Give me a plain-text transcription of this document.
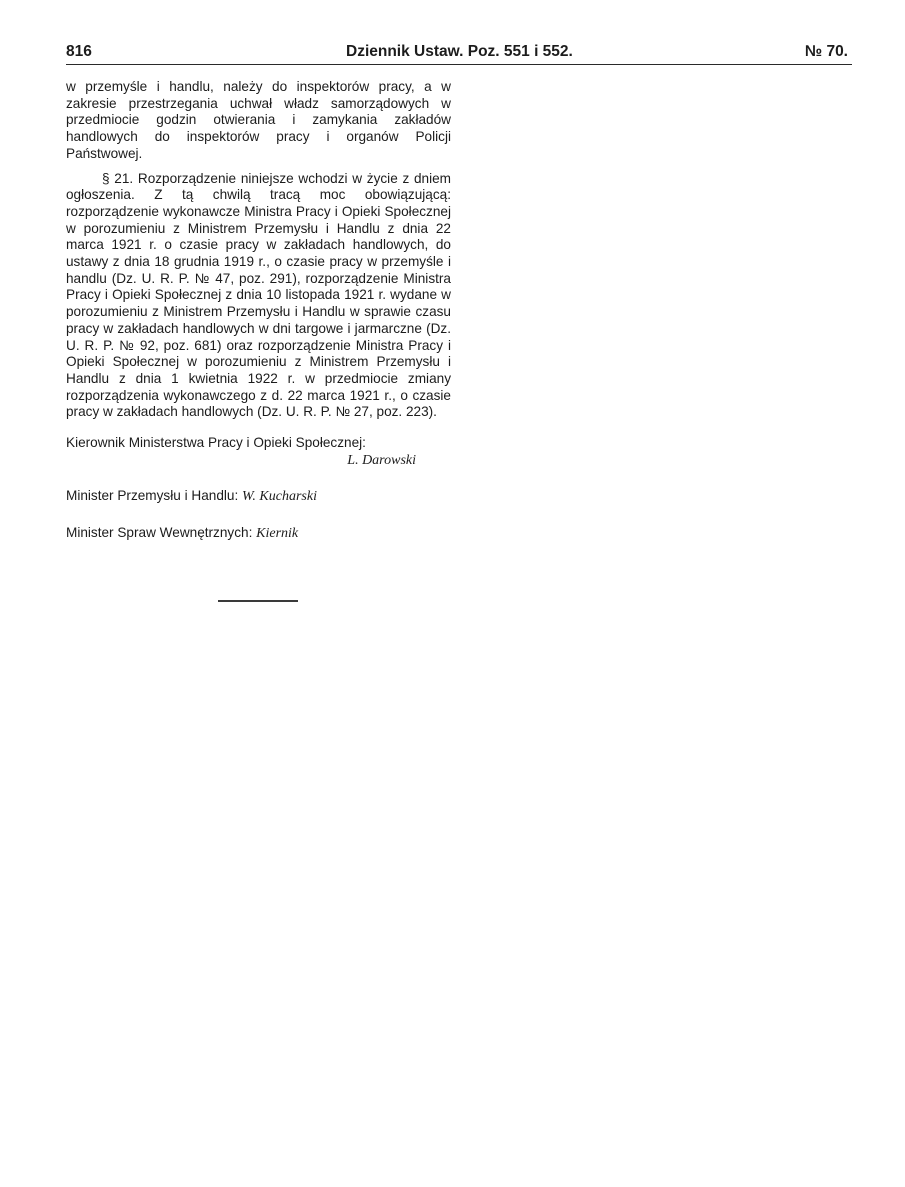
816	Dziennik Ustaw. Poz. 551 i 552.	№ 70.

w przemyśle i handlu, należy do inspektorów pracy, a w zakresie przestrzegania uchwał władz samorządowych w przedmiocie godzin otwierania i zamykania zakładów handlowych do inspektorów pracy i organów Policji Państwowej.

§ 21. Rozporządzenie niniejsze wchodzi w życie z dniem ogłoszenia. Z tą chwilą tracą moc obowiązującą: rozporządzenie wykonawcze Ministra Pracy i Opieki Społecznej w porozumieniu z Ministrem Przemysłu i Handlu z dnia 22 marca 1921 r. o czasie pracy w zakładach handlowych, do ustawy z dnia 18 grudnia 1919 r., o czasie pracy w przemyśle i handlu (Dz. U. R. P. № 47, poz. 291), rozporządzenie Ministra Pracy i Opieki Społecznej z dnia 10 listopada 1921 r. wydane w porozumieniu z Ministrem Przemysłu i Handlu w sprawie czasu pracy w zakładach handlowych w dni targowe i jarmarczne (Dz. U. R. P. № 92, poz. 681) oraz rozporządzenie Ministra Pracy i Opieki Społecznej w porozumieniu z Ministrem Przemysłu i Handlu z dnia 1 kwietnia 1922 r. w przedmiocie zmiany rozporządzenia wykonawczego z d. 22 marca 1921 r., o czasie pracy w zakładach handlowych (Dz. U. R. P. № 27, poz. 223).

Kierownik Ministerstwa Pracy i Opieki Społecznej:

L. Darowski

Minister Przemysłu i Handlu: W. Kucharski

Minister Spraw Wewnętrznych: Kiernik
